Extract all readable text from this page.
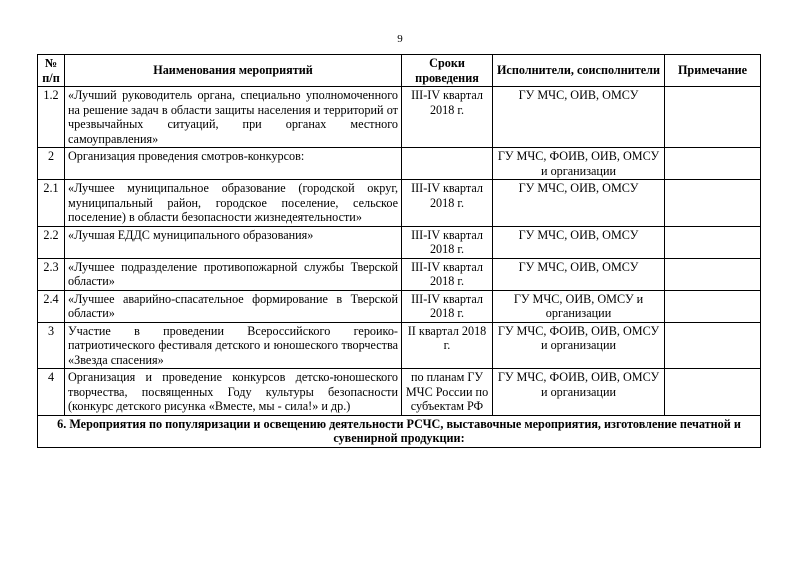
9
№ п/п	Наименования мероприятий	Сроки проведения	Исполнители, соисполнители	Примечание
1.2	«Лучший руководитель органа, специально уполномоченного на решение задач в области защиты населения и территорий от чрезвычайных ситуаций, при органах местного самоуправления»	III-IV квартал 2018 г.	ГУ МЧС, ОИВ, ОМСУ	
2	Организация проведения смотров-конкурсов:		ГУ МЧС, ФОИВ, ОИВ, ОМСУ и организации	
2.1	«Лучшее муниципальное образование (городской округ, муниципальный район, городское поселение, сельское поселение) в области безопасности жизнедеятельности»	III-IV квартал 2018 г.	ГУ МЧС, ОИВ, ОМСУ	
2.2	«Лучшая ЕДДС муниципального образования»	III-IV квартал 2018 г.	ГУ МЧС, ОИВ, ОМСУ	
2.3	«Лучшее подразделение противопожарной службы Тверской области»	III-IV квартал 2018 г.	ГУ МЧС, ОИВ, ОМСУ	
2.4	«Лучшее аварийно-спасательное формирование в Тверской области»	III-IV квартал 2018 г.	ГУ МЧС, ОИВ, ОМСУ и организации	
3	Участие в проведении Всероссийского героико-патриотического фестиваля детского и юношеского творчества «Звезда спасения»	II квартал 2018 г.	ГУ МЧС, ФОИВ, ОИВ, ОМСУ и организации	
4	Организация и проведение конкурсов детско-юношеского творчества, посвященных Году культуры безопасности (конкурс детского рисунка «Вместе, мы - сила!» и др.)	по планам ГУ МЧС России по субъектам РФ	ГУ МЧС, ФОИВ, ОИВ, ОМСУ и организации	
6. Мероприятия по популяризации и освещению деятельности РСЧС, выставочные мероприятия, изготовление печатной и сувенирной продукции:				
